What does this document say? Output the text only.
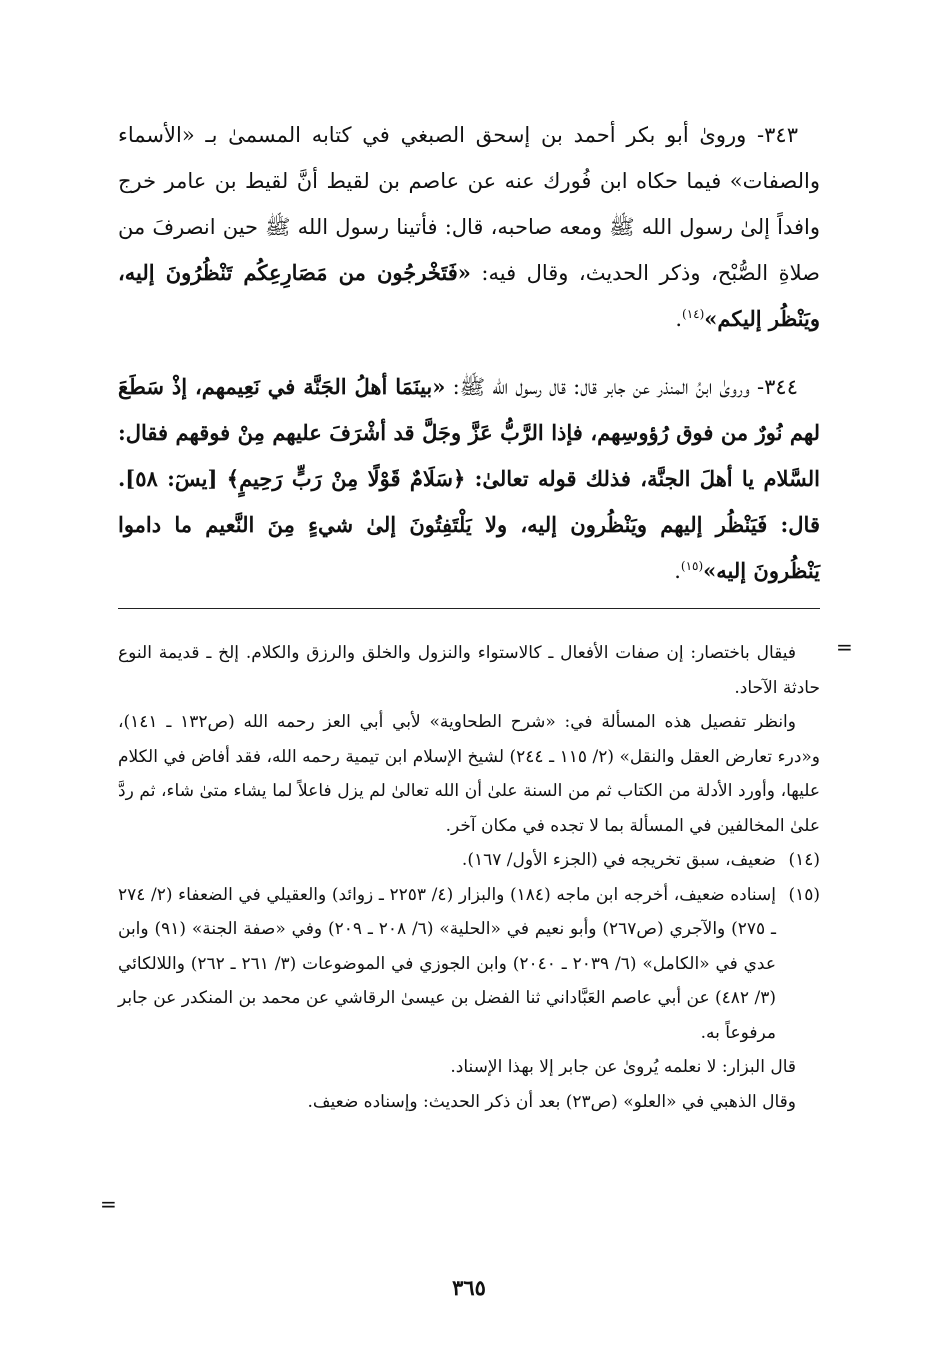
٣٤٣- وروىٰ أبو بكر أحمد بن إسحق الصبغي في كتابه المسمىٰ بـ «الأسماء والصفات» فيما حكاه ابن فُورك عنه عن عاصم بن لقيط أنَّ لقيط بن عامر خرج وافداً إلىٰ رسول الله ﷺ ومعه صاحبه، قال: فأتينا رسول الله ﷺ حين انصرفَ من صلاةِ الصُّبْح، وذكر الحديث، وقال فيه: «فَتَخْرجُون من مَصَارِعِكُم تَنْظُرُونَ إليه، ويَنْظُر إليكم»$^{(١٤)}$.

٣٤٤- وروىٰ ابنُ المنذر عن جابر قال: قال رسول الله ﷺ: «بينَمَا أهلُ الجَنَّة في نَعِيمهم، إذْ سَطَعَ لهم نُورٌ من فوق رُؤوسِهم، فإذا الرَّبُّ عَزَّ وجَلَّ قد أشْرَفَ عليهم مِنْ فوقهم فقال: السَّلام يا أهلَ الجنَّة، فذلك قوله تعالىٰ: ﴿سَلَامٌ قَوْلًا مِنْ رَبٍّ رَحِيمٍ﴾ [يسٓ: ٥٨]. قال: فَيَنْظُر إليهم ويَنْظُرون إليه، ولا يَلْتَفِتُونَ إلىٰ شيءٍ مِنَ النَّعيم ما داموا يَنْظُرونَ إليه»$^{(١٥)}$.

=

فيقال باختصار: إن صفات الأفعال ـ كالاستواء والنزول والخلق والرزق والكلام. إلخ ـ قديمة النوع حادثة الآحاد.

وانظر تفصيل هذه المسألة في: «شرح الطحاوية» لأبي أبي العز رحمه الله (ص١٣٢ ـ ١٤١)، و«درء تعارض العقل والنقل» (٢/ ١١٥ ـ ٢٤٤) لشيخ الإسلام ابن تيمية رحمه الله، فقد أفاض في الكلام عليها، وأورد الأدلة من الكتاب ثم من السنة علىٰ أن الله تعالىٰ لم يزل فاعلاً لما يشاء متىٰ شاء، ثم ردَّ علىٰ المخالفين في المسألة بما لا تجده في مكان آخر.

(١٤)
ضعيف، سبق تخريجه في (الجزء الأول/ ١٦٧).
(١٥)
إسناده ضعيف، أخرجه ابن ماجه (١٨٤) والبزار (٤/ ٢٢٥٣ ـ زوائد) والعقيلي في الضعفاء (٢/ ٢٧٤ ـ ٢٧٥) والآجري (ص٢٦٧) وأبو نعيم في «الحلية» (٦/ ٢٠٨ ـ ٢٠٩) وفي «صفة الجنة» (٩١) وابن عدي في «الكامل» (٦/ ٢٠٣٩ ـ ٢٠٤٠) وابن الجوزي في الموضوعات (٣/ ٢٦١ ـ ٢٦٢) واللالكائي (٣/ ٤٨٢) عن أبي عاصم العَبَّاداني ثنا الفضل بن عيسىٰ الرقاشي عن محمد بن المنكدر عن جابر مرفوعاً به.

قال البزار: لا نعلمه يُروىٰ عن جابر إلا بهذا الإسناد.

وقال الذهبي في «العلو» (ص٢٣) بعد أن ذكر الحديث: وإسناده ضعيف.

=
٣٦٥
